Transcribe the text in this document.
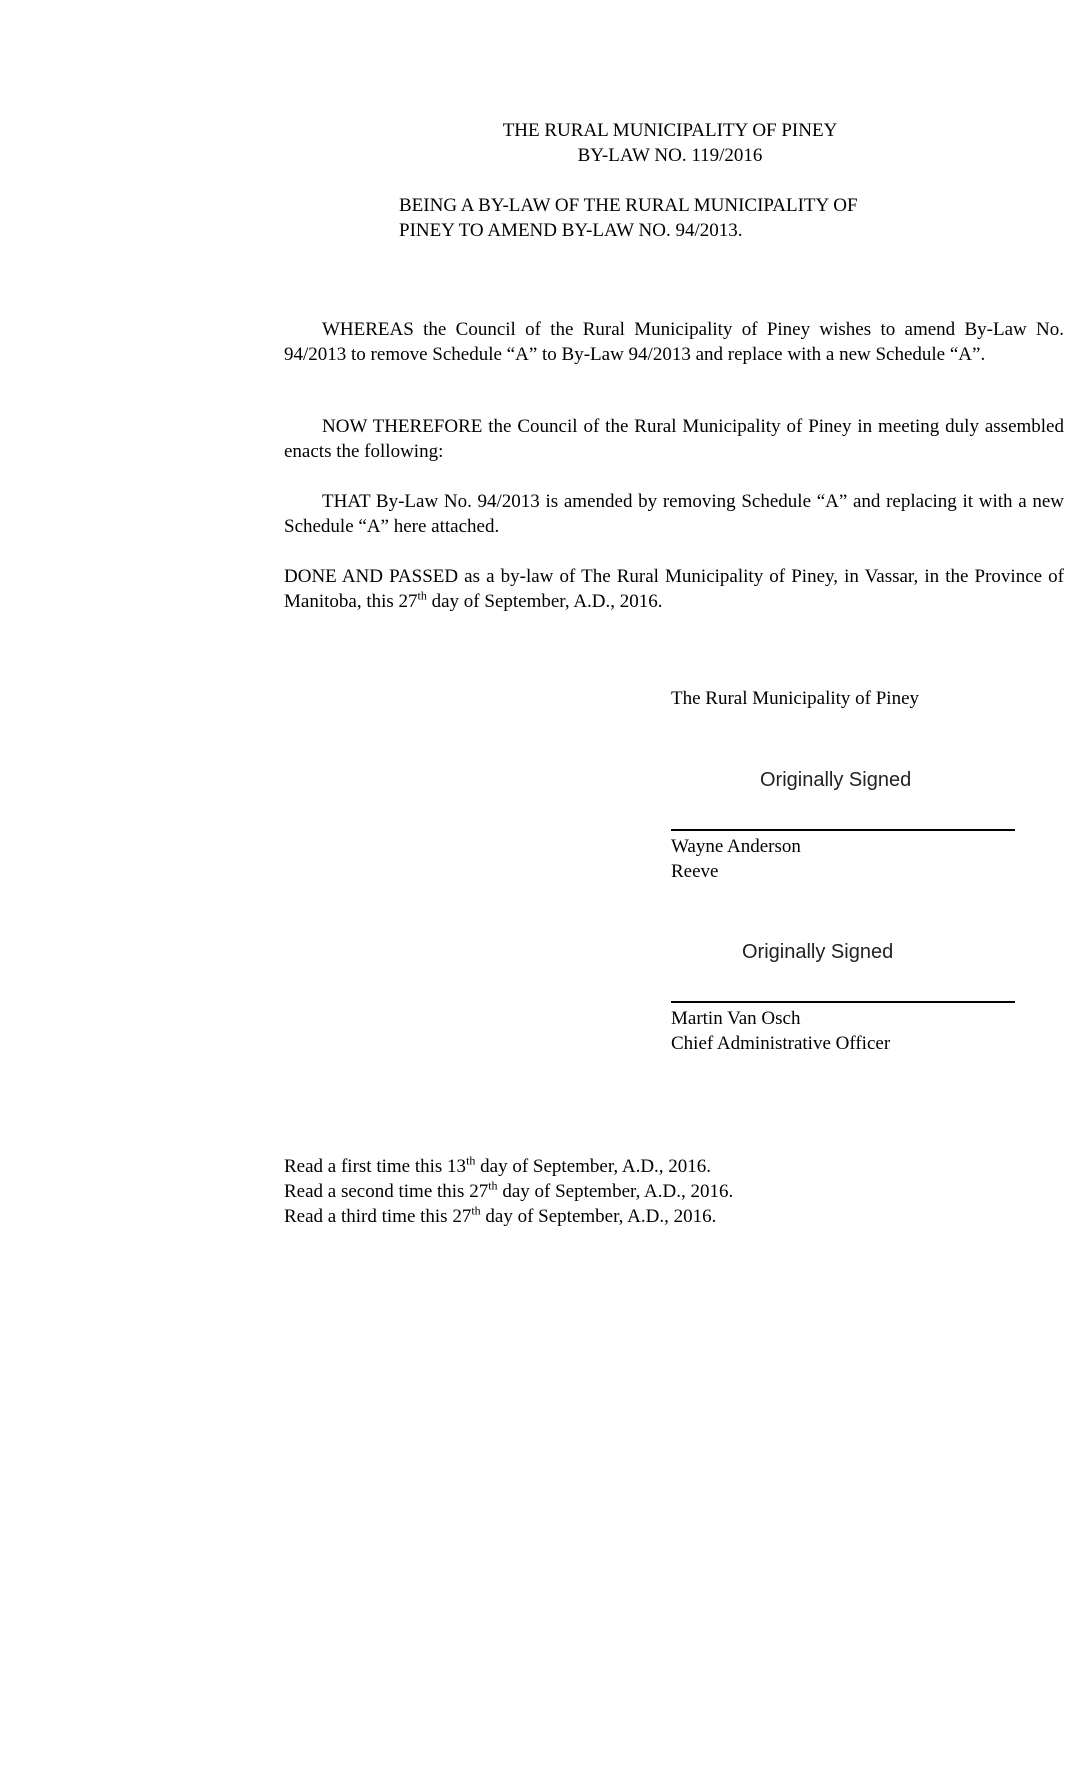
THE RURAL MUNICIPALITY OF PINEY
BY-LAW NO. 119/2016
BEING A BY-LAW OF THE RURAL MUNICIPALITY OF
PINEY TO AMEND BY-LAW NO. 94/2013.
WHEREAS the Council of the Rural Municipality of Piney wishes to amend By-Law No. 94/2013 to remove Schedule “A” to By-Law 94/2013 and replace with a new Schedule “A”.
NOW THEREFORE the Council of the Rural Municipality of Piney in meeting duly assembled enacts the following:
THAT By-Law No. 94/2013 is amended by removing Schedule “A” and replacing it with a new Schedule “A” here attached.
DONE AND PASSED as a by-law of The Rural Municipality of Piney, in Vassar, in the Province of Manitoba, this 27th day of September, A.D., 2016.
The Rural Municipality of Piney
Originally Signed
Wayne Anderson
Reeve
Originally Signed
Martin Van Osch
Chief Administrative Officer
Read a first time this 13th day of September, A.D., 2016.
Read a second time this 27th day of September, A.D., 2016.
Read a third time this 27th day of September, A.D., 2016.
